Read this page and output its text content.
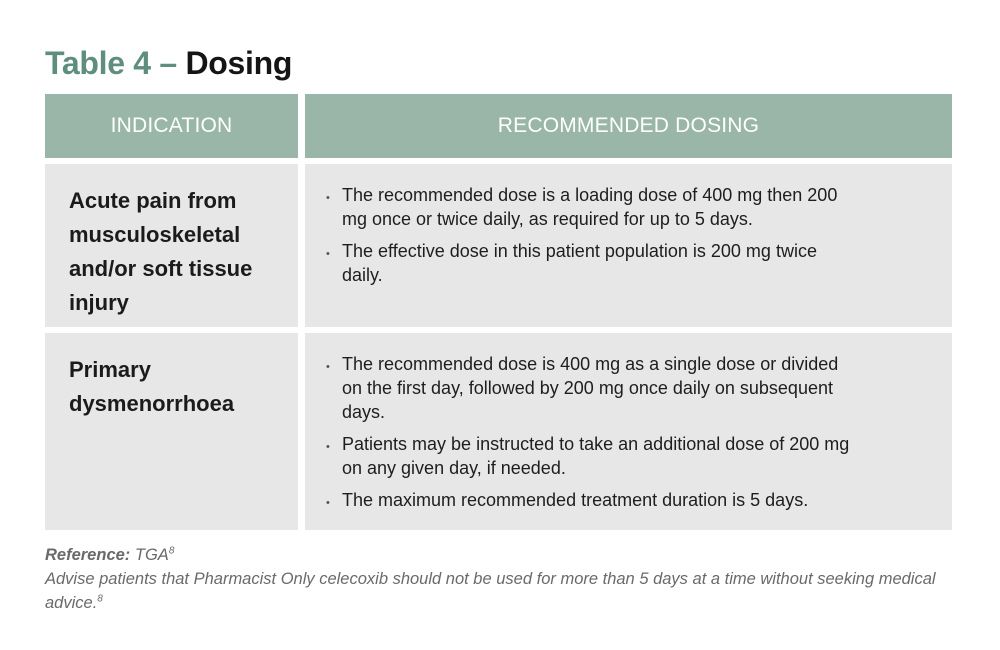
Table 4 – Dosing
INDICATION	RECOMMENDED DOSING
Acute pain from musculoskeletal and/or soft tissue injury
• The recommended dose is a loading dose of 400 mg then 200 mg once or twice daily, as required for up to 5 days.
• The effective dose in this patient population is 200 mg twice daily.
Primary dysmenorrhoea
• The recommended dose is 400 mg as a single dose or divided on the first day, followed by 200 mg once daily on subsequent days.
• Patients may be instructed to take an additional dose of 200 mg on any given day, if needed.
• The maximum recommended treatment duration is 5 days.
Reference: TGA$^8$
Advise patients that Pharmacist Only celecoxib should not be used for more than 5 days at a time without seeking medical advice.$^8$
